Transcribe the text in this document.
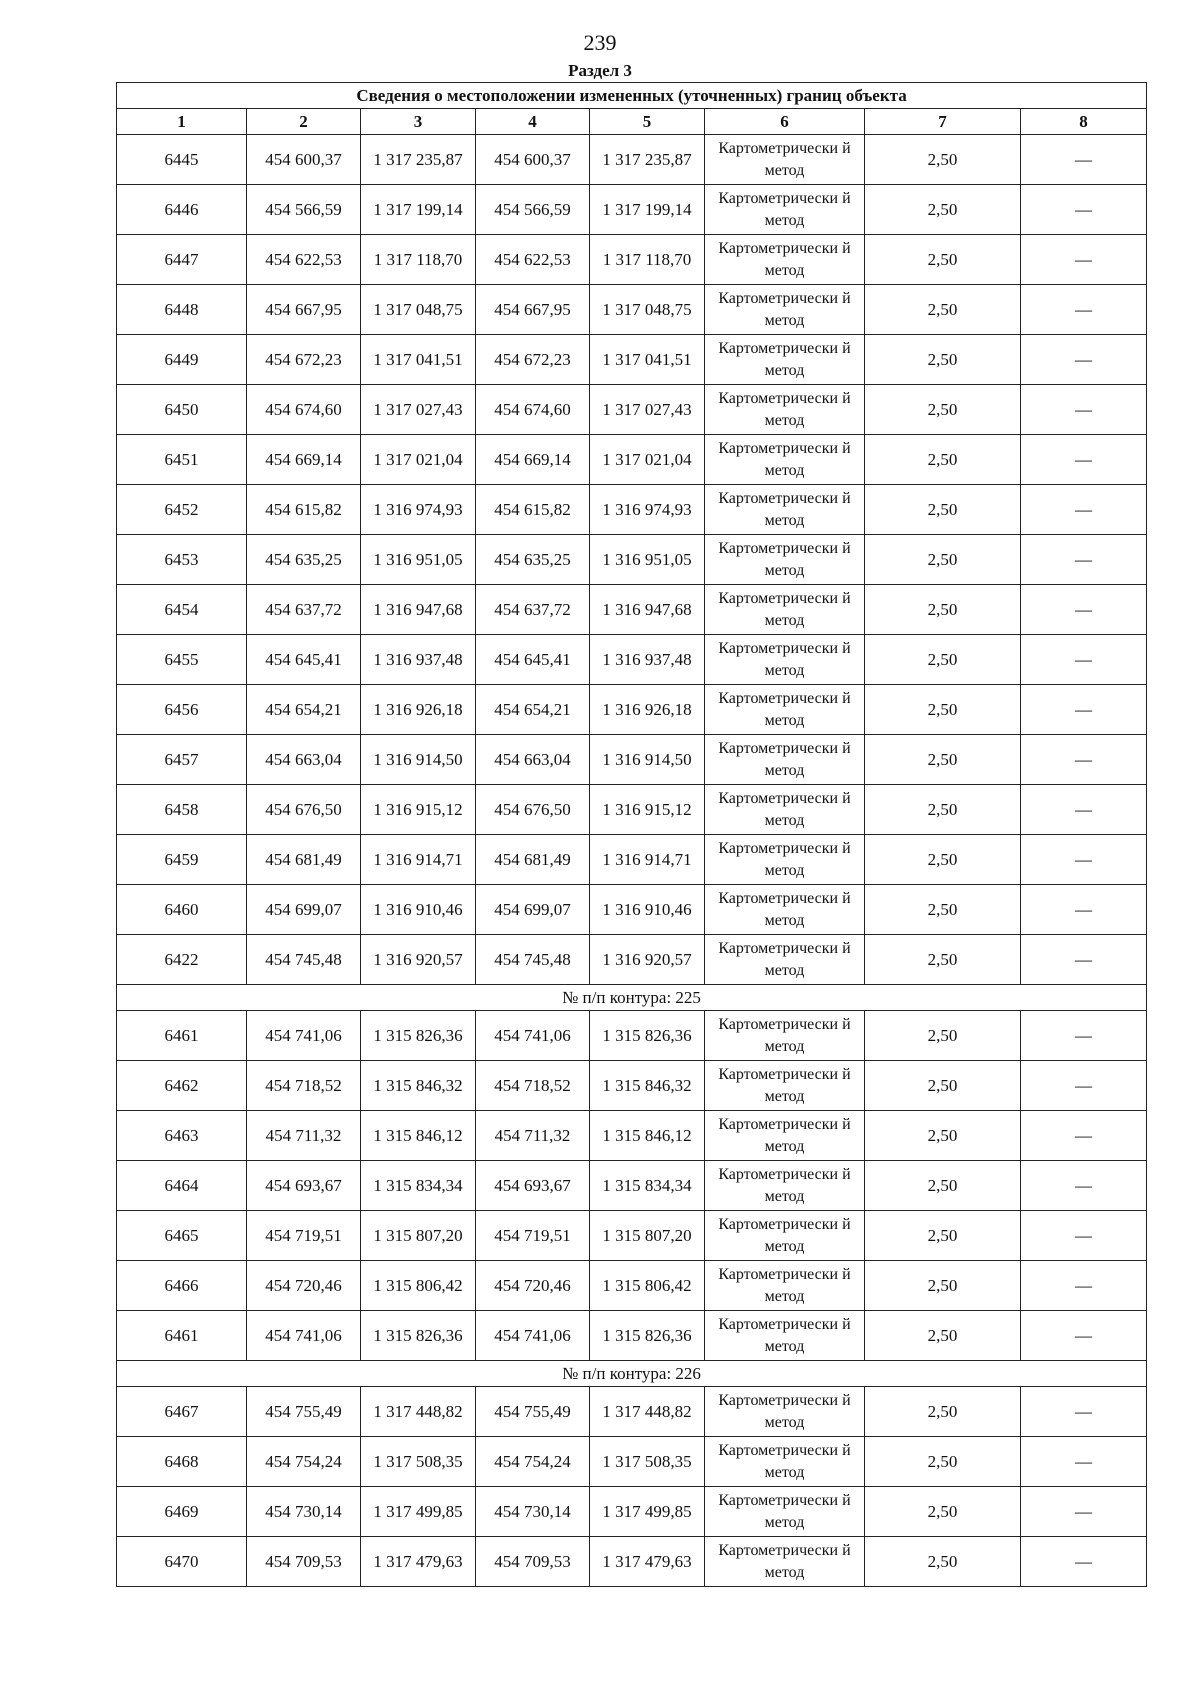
239
Раздел 3
Сведения о местоположении измененных (уточненных) границ объекта							
1	2	3	4	5	6	7	8
6445	454 600,37	1 317 235,87	454 600,37	1 317 235,87	Картометрически й метод	2,50	—
6446	454 566,59	1 317 199,14	454 566,59	1 317 199,14	Картометрически й метод	2,50	—
6447	454 622,53	1 317 118,70	454 622,53	1 317 118,70	Картометрически й метод	2,50	—
6448	454 667,95	1 317 048,75	454 667,95	1 317 048,75	Картометрически й метод	2,50	—
6449	454 672,23	1 317 041,51	454 672,23	1 317 041,51	Картометрически й метод	2,50	—
6450	454 674,60	1 317 027,43	454 674,60	1 317 027,43	Картометрически й метод	2,50	—
6451	454 669,14	1 317 021,04	454 669,14	1 317 021,04	Картометрически й метод	2,50	—
6452	454 615,82	1 316 974,93	454 615,82	1 316 974,93	Картометрически й метод	2,50	—
6453	454 635,25	1 316 951,05	454 635,25	1 316 951,05	Картометрически й метод	2,50	—
6454	454 637,72	1 316 947,68	454 637,72	1 316 947,68	Картометрически й метод	2,50	—
6455	454 645,41	1 316 937,48	454 645,41	1 316 937,48	Картометрически й метод	2,50	—
6456	454 654,21	1 316 926,18	454 654,21	1 316 926,18	Картометрически й метод	2,50	—
6457	454 663,04	1 316 914,50	454 663,04	1 316 914,50	Картометрически й метод	2,50	—
6458	454 676,50	1 316 915,12	454 676,50	1 316 915,12	Картометрически й метод	2,50	—
6459	454 681,49	1 316 914,71	454 681,49	1 316 914,71	Картометрически й метод	2,50	—
6460	454 699,07	1 316 910,46	454 699,07	1 316 910,46	Картометрически й метод	2,50	—
6422	454 745,48	1 316 920,57	454 745,48	1 316 920,57	Картометрически й метод	2,50	—
№ п/п контура: 225							
6461	454 741,06	1 315 826,36	454 741,06	1 315 826,36	Картометрически й метод	2,50	—
6462	454 718,52	1 315 846,32	454 718,52	1 315 846,32	Картометрически й метод	2,50	—
6463	454 711,32	1 315 846,12	454 711,32	1 315 846,12	Картометрически й метод	2,50	—
6464	454 693,67	1 315 834,34	454 693,67	1 315 834,34	Картометрически й метод	2,50	—
6465	454 719,51	1 315 807,20	454 719,51	1 315 807,20	Картометрически й метод	2,50	—
6466	454 720,46	1 315 806,42	454 720,46	1 315 806,42	Картометрически й метод	2,50	—
6461	454 741,06	1 315 826,36	454 741,06	1 315 826,36	Картометрически й метод	2,50	—
№ п/п контура: 226							
6467	454 755,49	1 317 448,82	454 755,49	1 317 448,82	Картометрически й метод	2,50	—
6468	454 754,24	1 317 508,35	454 754,24	1 317 508,35	Картометрически й метод	2,50	—
6469	454 730,14	1 317 499,85	454 730,14	1 317 499,85	Картометрически й метод	2,50	—
6470	454 709,53	1 317 479,63	454 709,53	1 317 479,63	Картометрически й метод	2,50	—
